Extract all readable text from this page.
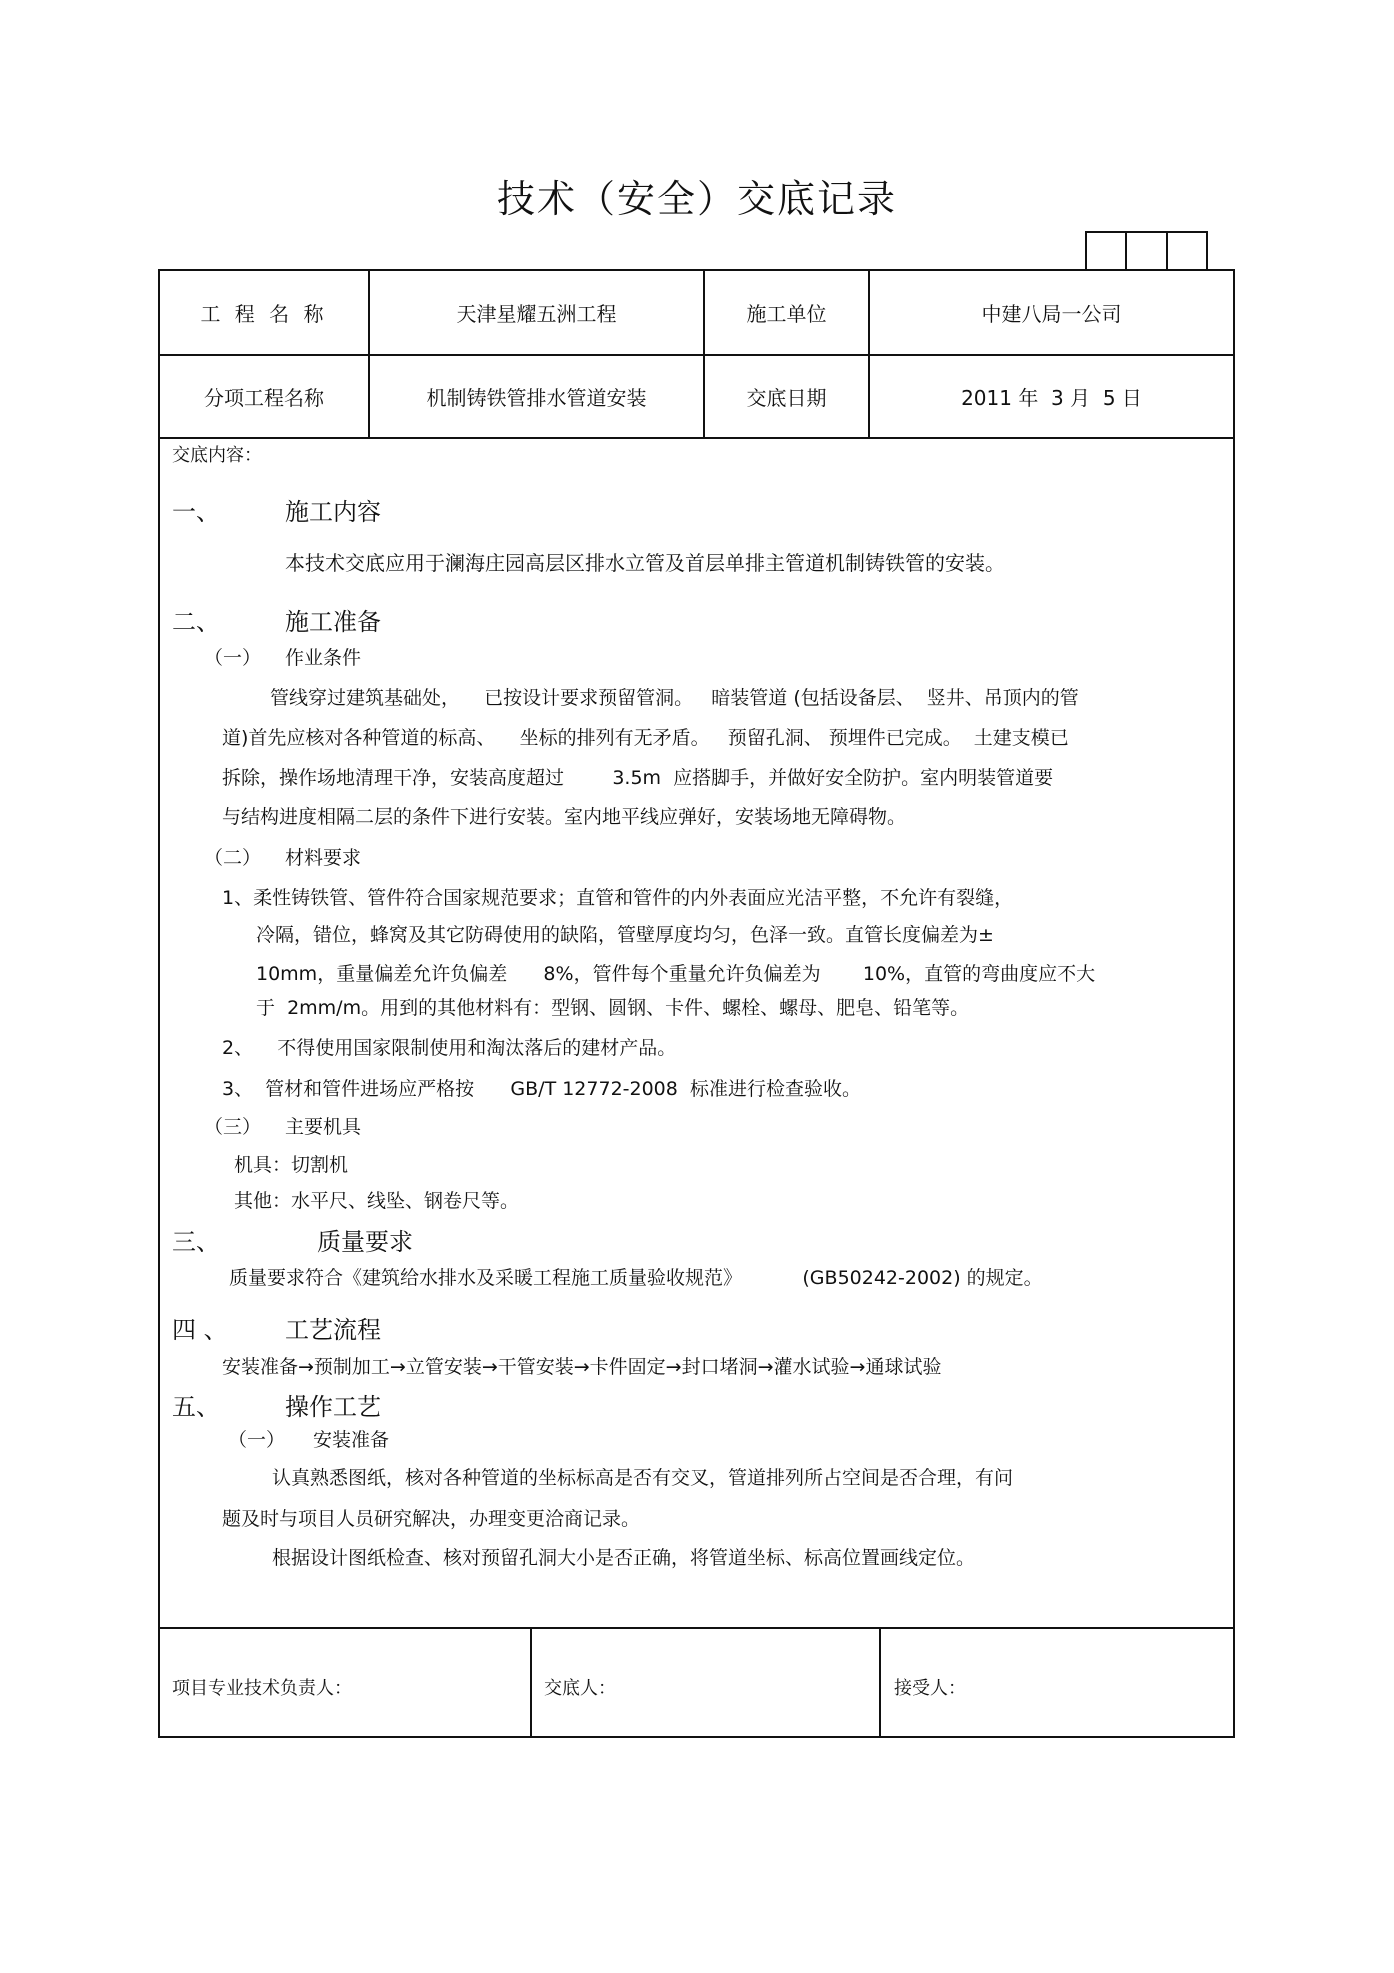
技术（安全）交底记录
工 程 名 称	天津星耀五洲工程	施工单位	中建八局一公司
分项工程名称	机制铸铁管排水管道安装	交底日期	2011 年  3 月  5 日
交底内容：
一、	施工内容
本技术交底应用于澜海庄园高层区排水立管及首层单排主管道机制铸铁管的安装。
二、	施工准备
（一） 作业条件
管线穿过建筑基础处，    已按设计要求预留管洞。   暗装管道 (包括设备层、  竖井、吊顶内的管
道)首先应核对各种管道的标高、    坐标的排列有无矛盾。   预留孔洞、 预埋件已完成。  土建支模已
拆除，操作场地清理干净，安装高度超过        3.5m  应搭脚手，并做好安全防护。室内明装管道要
与结构进度相隔二层的条件下进行安装。室内地平线应弹好，安装场地无障碍物。
（二） 材料要求
1、柔性铸铁管、管件符合国家规范要求；直管和管件的内外表面应光洁平整，不允许有裂缝，
冷隔，错位，蜂窝及其它防碍使用的缺陷，管壁厚度均匀，色泽一致。直管长度偏差为±
10mm，重量偏差允许负偏差      8%，管件每个重量允许负偏差为       10%，直管的弯曲度应不大
于  2mm/m。用到的其他材料有：型钢、圆钢、卡件、螺栓、螺母、肥皂、铅笔等。
2、    不得使用国家限制使用和淘汰落后的建材产品。
3、  管材和管件进场应严格按      GB/T 12772-2008  标准进行检查验收。
（三） 主要机具
机具：切割机
其他：水平尺、线坠、钢卷尺等。
三、	质量要求
质量要求符合《建筑给水排水及采暖工程施工质量验收规范》          (GB50242-2002) 的规定。
四 、 工艺流程
安装准备→预制加工→立管安装→干管安装→卡件固定→封口堵洞→灌水试验→通球试验
五、	操作工艺
（一） 安装准备
认真熟悉图纸，核对各种管道的坐标标高是否有交叉，管道排列所占空间是否合理，有问
题及时与项目人员研究解决，办理变更洽商记录。
根据设计图纸检查、核对预留孔洞大小是否正确，将管道坐标、标高位置画线定位。
项目专业技术负责人：	交底人：	接受人：
